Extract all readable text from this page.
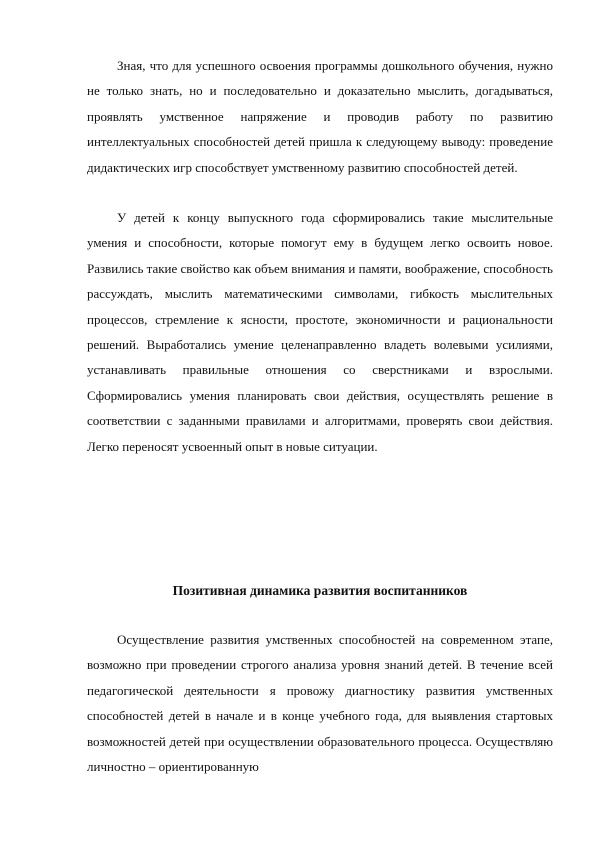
Зная, что для успешного освоения программы дошкольного обучения, нужно не только знать, но и последовательно и доказательно мыслить, догадываться, проявлять умственное напряжение и проводив работу по развитию интеллектуальных способностей детей пришла к следующему выводу: проведение дидактических игр способствует умственному развитию способностей детей.

У детей к концу выпускного года сформировались такие мыслительные умения и способности, которые помогут ему в будущем легко освоить новое. Развились такие свойство как объем внимания и памяти, воображение, способность рассуждать, мыслить математическими символами, гибкость мыслительных процессов, стремление к ясности, простоте, экономичности и рациональности решений. Выработались умение целенаправленно владеть волевыми усилиями, устанавливать правильные отношения со сверстниками и взрослыми. Сформировались умения планировать свои действия, осуществлять решение в соответствии с заданными правилами и алгоритмами, проверять свои действия. Легко переносят усвоенный опыт в новые ситуации.

Позитивная динамика развития воспитанников

Осуществление развития умственных способностей на современном этапе, возможно при проведении строгого анализа уровня знаний детей. В течение всей педагогической деятельности я провожу диагностику развития умственных способностей детей в начале и в конце учебного года, для выявления стартовых возможностей детей при осуществлении образовательного процесса. Осуществляю личностно – ориентированную
